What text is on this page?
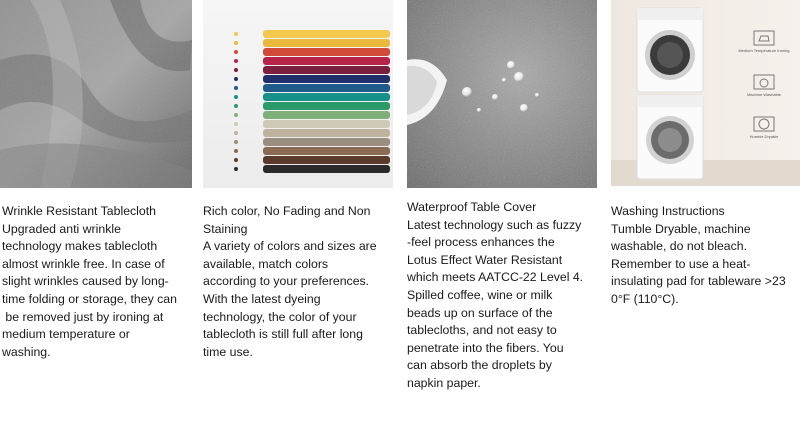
Wrinkle Resistant Tablecloth
Upgraded anti wrinkle
technology makes tablecloth
almost wrinkle free. In case of
slight wrinkles caused by long-
time folding or storage, they can
be removed just by ironing at
medium temperature or
washing.
Rich color, No Fading and Non
Staining
A variety of colors and sizes are
available, match colors
according to your preferences.
With the latest dyeing
technology, the color of your
tablecloth is still full after long
time use.
Waterproof Table Cover
Latest technology such as fuzzy
-feel process enhances the
Lotus Effect Water Resistant
which meets AATCC-22 Level 4.
Spilled coffee, wine or milk
beads up on surface of the
tablecloths, and not easy to
penetrate into the fibers. You
can absorb the droplets by
napkin paper.
Medium Temperature Ironing
Machine Washable
Humble Dryable
Washing Instructions
Tumble Dryable, machine
washable, do not bleach.
Remember to use a heat-
insulating pad for tableware >23
0°F (110°C).
